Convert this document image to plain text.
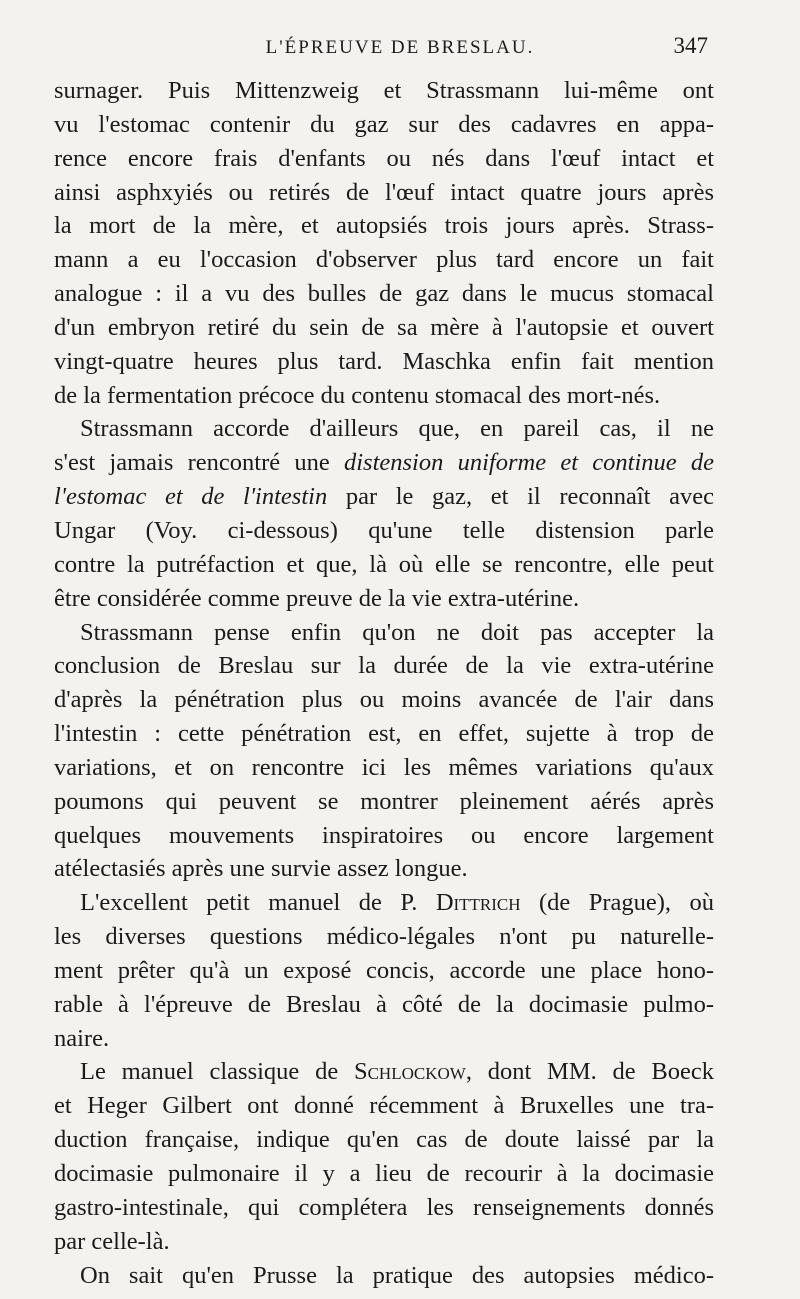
L'ÉPREUVE DE BRESLAU.	347
surnager. Puis Mittenzweig et Strassmann lui-même ont
vu l'estomac contenir du gaz sur des cadavres en appa-
rence encore frais d'enfants ou nés dans l'œuf intact et
ainsi asphxyiés ou retirés de l'œuf intact quatre jours après
la mort de la mère, et autopsiés trois jours après. Strass-
mann a eu l'occasion d'observer plus tard encore un fait
analogue : il a vu des bulles de gaz dans le mucus stomacal
d'un embryon retiré du sein de sa mère à l'autopsie et ouvert
vingt-quatre heures plus tard. Maschka enfin fait mention
de la fermentation précoce du contenu stomacal des mort-nés.
Strassmann accorde d'ailleurs que, en pareil cas, il ne
s'est jamais rencontré une distension uniforme et continue de
l'estomac et de l'intestin par le gaz, et il reconnaît avec
Ungar (Voy. ci-dessous) qu'une telle distension parle
contre la putréfaction et que, là où elle se rencontre, elle peut
être considérée comme preuve de la vie extra-utérine.
Strassmann pense enfin qu'on ne doit pas accepter la
conclusion de Breslau sur la durée de la vie extra-utérine
d'après la pénétration plus ou moins avancée de l'air dans
l'intestin : cette pénétration est, en effet, sujette à trop de
variations, et on rencontre ici les mêmes variations qu'aux
poumons qui peuvent se montrer pleinement aérés après
quelques mouvements inspiratoires ou encore largement
atélectasiés après une survie assez longue.
L'excellent petit manuel de P. Dittrich (de Prague), où
les diverses questions médico-légales n'ont pu naturelle-
ment prêter qu'à un exposé concis, accorde une place hono-
rable à l'épreuve de Breslau à côté de la docimasie pulmo-
naire.
Le manuel classique de Schlockow, dont MM. de Boeck
et Heger Gilbert ont donné récemment à Bruxelles une tra-
duction française, indique qu'en cas de doute laissé par la
docimasie pulmonaire il y a lieu de recourir à la docimasie
gastro-intestinale, qui complétera les renseignements donnés
par celle-là.
On sait qu'en Prusse la pratique des autopsies médico-
